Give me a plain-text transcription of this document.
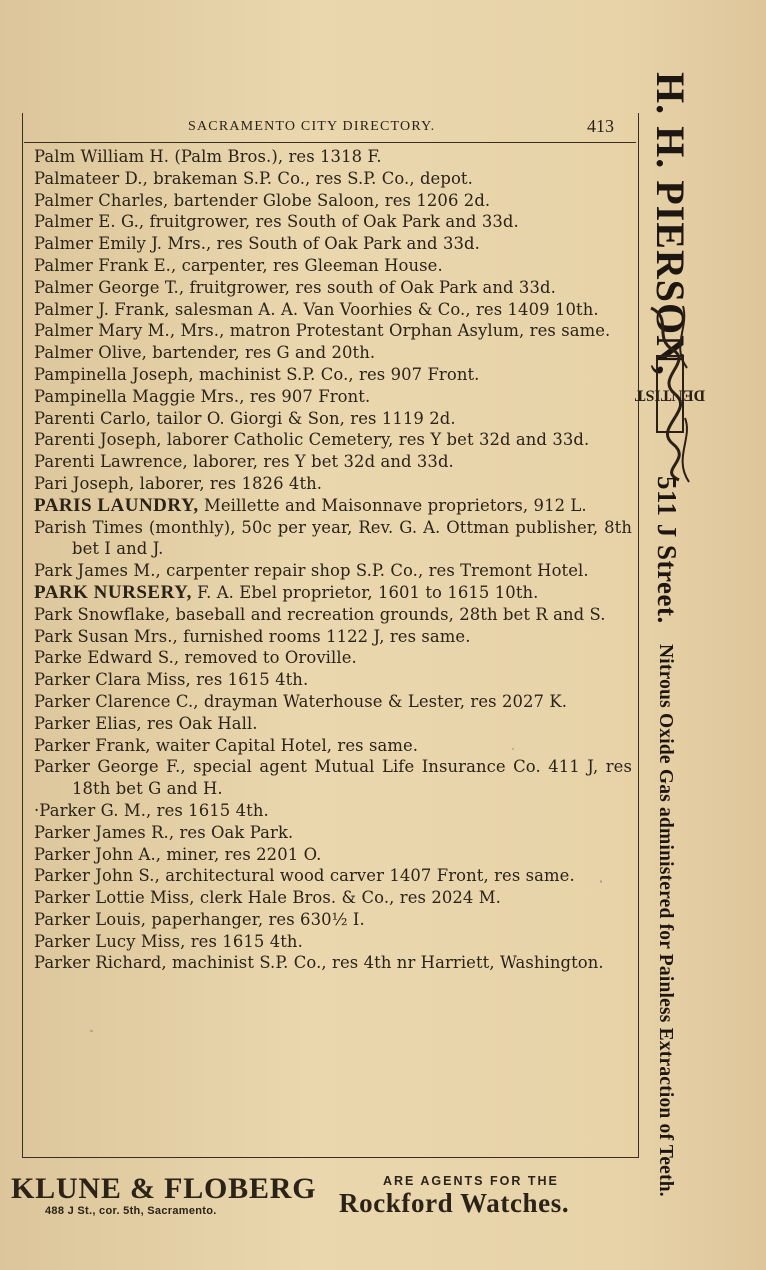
SACRAMENTO CITY DIRECTORY.	413
Palm William H. (Palm Bros.), res 1318 F.
Palmateer D., brakeman S.P. Co., res S.P. Co., depot.
Palmer Charles, bartender Globe Saloon, res 1206 2d.
Palmer E. G., fruitgrower, res South of Oak Park and 33d.
Palmer Emily J. Mrs., res South of Oak Park and 33d.
Palmer Frank E., carpenter, res Gleeman House.
Palmer George T., fruitgrower, res south of Oak Park and 33d.
Palmer J. Frank, salesman A. A. Van Voorhies & Co., res 1409 10th.
Palmer Mary M., Mrs., matron Protestant Orphan Asylum, res same.
Palmer Olive, bartender, res G and 20th.
Pampinella Joseph, machinist S.P. Co., res 907 Front.
Pampinella Maggie Mrs., res 907 Front.
Parenti Carlo, tailor O. Giorgi & Son, res 1119 2d.
Parenti Joseph, laborer Catholic Cemetery, res Y bet 32d and 33d.
Parenti Lawrence, laborer, res Y bet 32d and 33d.
Pari Joseph, laborer, res 1826 4th.
PARIS LAUNDRY, Meillette and Maisonnave proprietors, 912 L.
Parish Times (monthly), 50c per year, Rev. G. A. Ottman publisher, 8th bet I and J.
Park James M., carpenter repair shop S.P. Co., res Tremont Hotel.
PARK NURSERY, F. A. Ebel proprietor, 1601 to 1615 10th.
Park Snowflake, baseball and recreation grounds, 28th bet R and S.
Park Susan Mrs., furnished rooms 1122 J, res same.
Parke Edward S., removed to Oroville.
Parker Clara Miss, res 1615 4th.
Parker Clarence C., drayman Waterhouse & Lester, res 2027 K.
Parker Elias, res Oak Hall.
Parker Frank, waiter Capital Hotel, res same.
Parker George F., special agent Mutual Life Insurance Co. 411 J, res 18th bet G and H.
·Parker G. M., res 1615 4th.
Parker James R., res Oak Park.
Parker John A., miner, res 2201 O.
Parker John S., architectural wood carver 1407 Front, res same.
Parker Lottie Miss, clerk Hale Bros. & Co., res 2024 M.
Parker Louis, paperhanger, res 630½ I.
Parker Lucy Miss, res 1615 4th.
Parker Richard, machinist S.P. Co., res 4th nr Harriett, Washington.
H. H. PIERSON,
DENTIST
511 J Street.
Nitrous Oxide Gas administered for Painless Extraction of Teeth.
KLUNE & FLOBERG
488 J St., cor. 5th, Sacramento.
ARE AGENTS FOR THE
Rockford Watches.
